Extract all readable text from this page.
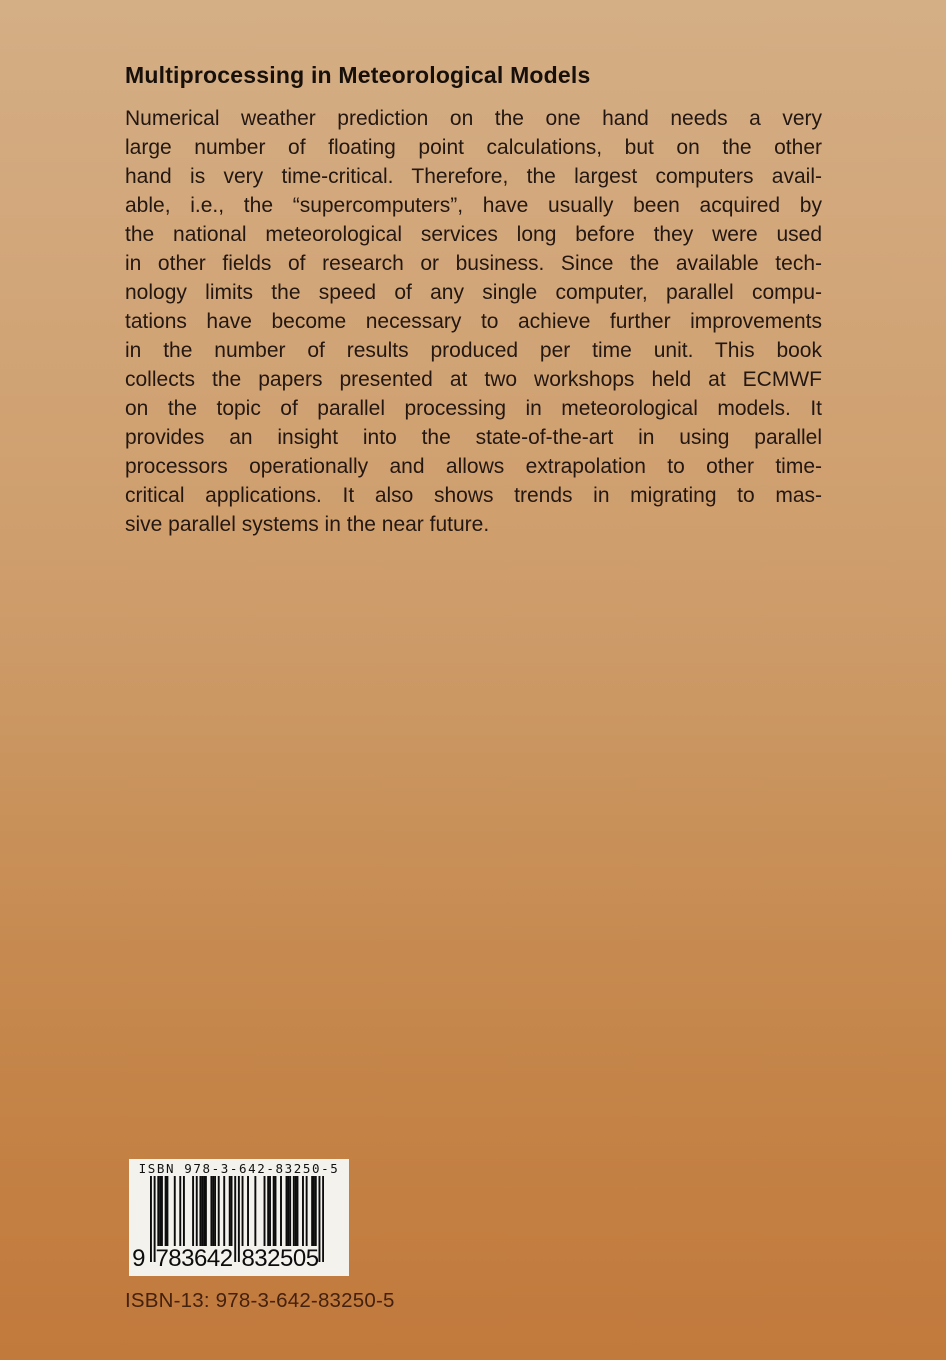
Multiprocessing in Meteorological Models
Numerical weather prediction on the one hand needs a very
large number of floating point calculations, but on the other
hand is very time-critical. Therefore, the largest computers avail-
able, i.e., the “supercomputers”, have usually been acquired by
the national meteorological services long before they were used
in other fields of research or business. Since the available tech-
nology limits the speed of any single computer, parallel compu-
tations have become necessary to achieve further improvements
in the number of results produced per time unit. This book
collects the papers presented at two workshops held at ECMWF
on the topic of parallel processing in meteorological models. It
provides an insight into the state-of-the-art in using parallel
processors operationally and allows extrapolation to other time-
critical applications. It also shows trends in migrating to mas-
sive parallel systems in the near future.
ISBN 978-3-642-83250-5
9 783642 832505
ISBN-13: 978-3-642-83250-5
